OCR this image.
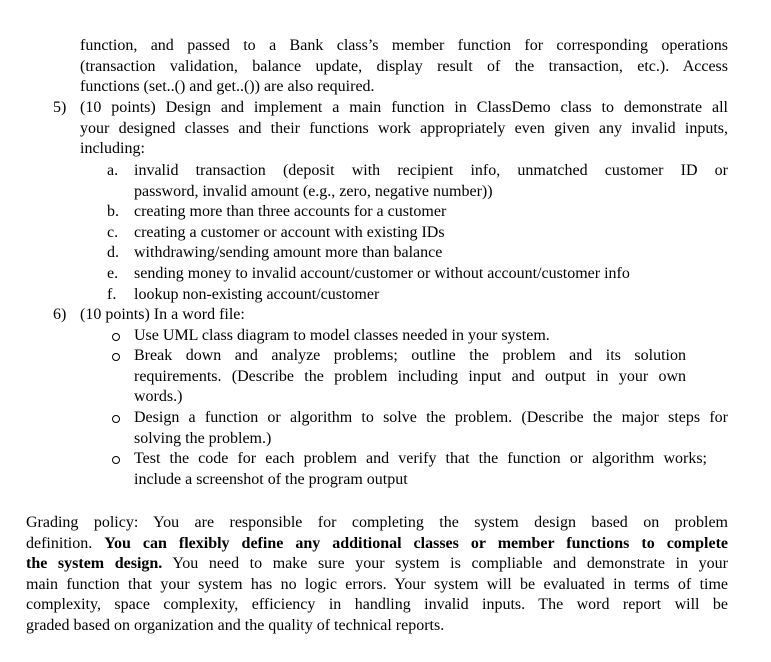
function, and passed to a Bank class’s member function for corresponding operations
(transaction validation, balance update, display result of the transaction, etc.). Access
functions (set..() and get..()) are also required.
5) (10 points) Design and implement a main function in ClassDemo class to demonstrate all
your designed classes and their functions work appropriately even given any invalid inputs,
including:
a. invalid transaction (deposit with recipient info, unmatched customer ID or
password, invalid amount (e.g., zero, negative number))
b. creating more than three accounts for a customer
c. creating a customer or account with existing IDs
d. withdrawing/sending amount more than balance
e. sending money to invalid account/customer or without account/customer info
f. lookup non-existing account/customer
6) (10 points) In a word file:
Use UML class diagram to model classes needed in your system.
Break down and analyze problems; outline the problem and its solution
requirements. (Describe the problem including input and output in your own
words.)
Design a function or algorithm to solve the problem. (Describe the major steps for
solving the problem.)
Test the code for each problem and verify that the function or algorithm works;
include a screenshot of the program output
Grading policy: You are responsible for completing the system design based on problem
definition. You can flexibly define any additional classes or member functions to complete
the system design. You need to make sure your system is compliable and demonstrate in your
main function that your system has no logic errors. Your system will be evaluated in terms of time
complexity, space complexity, efficiency in handling invalid inputs. The word report will be
graded based on organization and the quality of technical reports.
